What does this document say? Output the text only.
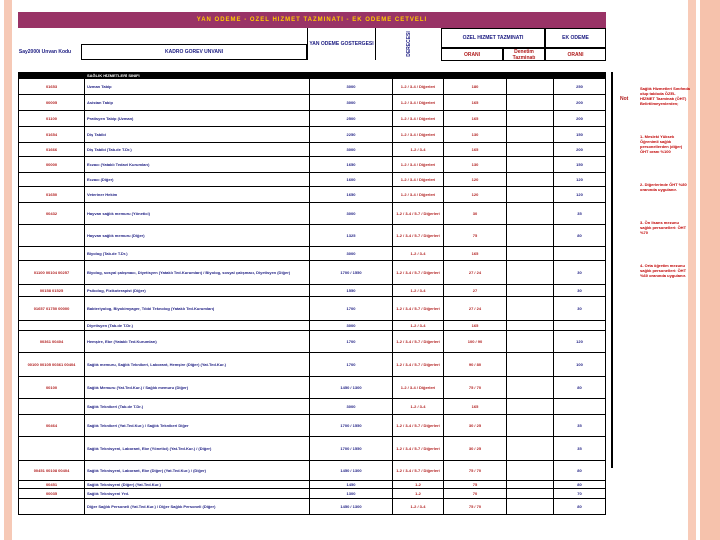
YAN ODEME - OZEL HIZMET TAZMINATI - EK ODEME CETVELI
Say2000i Unvan Kodu	KADRO GOREV UNVANI
YAN ODEME GOSTERGESI	DERECESI	OZEL HIZMET TAZMINATI	EK ODEME
ORANI	Denetim Tazminatı	ORANI
	SAĞLIK HİZMETLERİ SINIFI					
01653	Uzman Tabip	3000	1-2 / 3-4 / Diğerleri	180		250
00005	Asistan Tabip	3000	1-2 / 3-4 / Diğerleri	165		200
01100	Pratisyen Tabip (Uzman)	2500	1-2 / 3-4 / Diğerleri	165		200
01654	Diş Tabibi	2250	1-2 / 3-4 / Diğerleri	130		150
01666	Diş Tabibi (Tab.de T.Dr.)	3000	1-2 / 3-4	165		200
00000	Eczacı (Yataklı Tedavi Kurumları)	1650	1-2 / 3-4 / Diğerleri	130		150
	Eczacı (Diğer)	1600	1-2 / 3-4 / Diğerleri	120		120
01650	Veteriner Hekim	1650	1-2 / 3-4 / Diğerleri	120		120
00432	Hayvan sağlık memuru (Yönetici)	3000	1-2 / 3-4 / 5-7 / Diğerleri	30		35
	Hayvan sağlık memuru (Diğer)	1325	1-2 / 3-4 / 5-7 / Diğerleri	75		80
	Biyolog (Tab.de T.Dr.)	3000	1-2 / 3-4	165		
01100 00104 00257	Biyolog, sosyal çalışmacı, Diyetisyen (Yataklı Ted.Kurumları) / Biyolog, sosyal çalışmacı, Diyetisyen (Diğer)	1700 / 1550	1-2 / 3-4 / 5-7 / Diğerleri	27 / 24		30
00158 01525	Psikolog, Fizikoterapist (Diğer)	1550	1-2 / 3-4	27		30
01657 01750 00000	Bakteriyolog, Biyokimyager, Tıbbi Teknolog (Yataklı Ted.Kurumları)	1700	1-2 / 3-4 / 5-7 / Diğerleri	27 / 24		30
	Diyetisyen (Tab.de T.Dr.)	3000	1-2 / 3-4	165		
00361 00404	Hemşire, Ebe (Yataklı Ted.Kurumları)	1700	1-2 / 3-4 / 5-7 / Diğerleri	100 / 90		120
00100 00105 00361 00404	Sağlık memuru, Sağlık Teknikeri, Laborant, Hemşire (Diğer) (Yat.Ted.Kur.)	1700	1-2 / 3-4 / 5-7 / Diğerleri	90 / 80		100
00100	Sağlık Memuru (Yat.Ted.Kur.) / Sağlık memuru (Diğer)	1450 / 1300	1-2 / 3-4 / Diğerleri	75 / 70		80
	Sağlık Teknikeri (Tab.de T.Dr.)	3000	1-2 / 3-4	165		
00464	Sağlık Teknikeri (Yat.Ted.Kur.) / Sağlık Teknikeri Diğer	1700 / 1550	1-2 / 3-4 / 5-7 / Diğerleri	30 / 25		35
	Sağlık Teknisyeni, Laborant, Ebe (Yönetici) (Yat.Ted.Kur.) / (Diğer)	1700 / 1550	1-2 / 3-4 / 5-7 / Diğerleri	30 / 25		35
00451 00108 00404	Sağlık Teknisyeni, Laborant, Ebe (Diğer) (Yat.Ted.Kur.) / (Diğer)	1450 / 1300	1-2 / 3-4 / 5-7 / Diğerleri	75 / 70		80
00451	Sağlık Teknisyeni (Diğer) (Yat.Ted.Kur.)	1450	1-2	75		80
00035	Sağlık Teknisyeni Yrd.	1300	1-2	70		70
	Diğer Sağlık Personeli (Yat.Ted.Kur.) / Diğer Sağlık Personeli (Diğer)	1450 / 1300	1-2 / 3-4	75 / 70		80
Not

Sağlık Hizmetleri Sınıfında olup tabloda ÖZEL HİZMET Tazminatı (ÖHT) Belirtilmeyenlerden;

1- Mesleki Yüksek Öğrenimli sağlık personellerden (diğer) ÖHT oranı %100

2- Diğerlerinde ÖHT %80 oranında uygulanır.

3- Ön lisans mezunu sağlık personelleri: ÖHT %70

4- Orta öğretim mezunu sağlık personelleri: ÖHT %60 oranında uygulanır.
